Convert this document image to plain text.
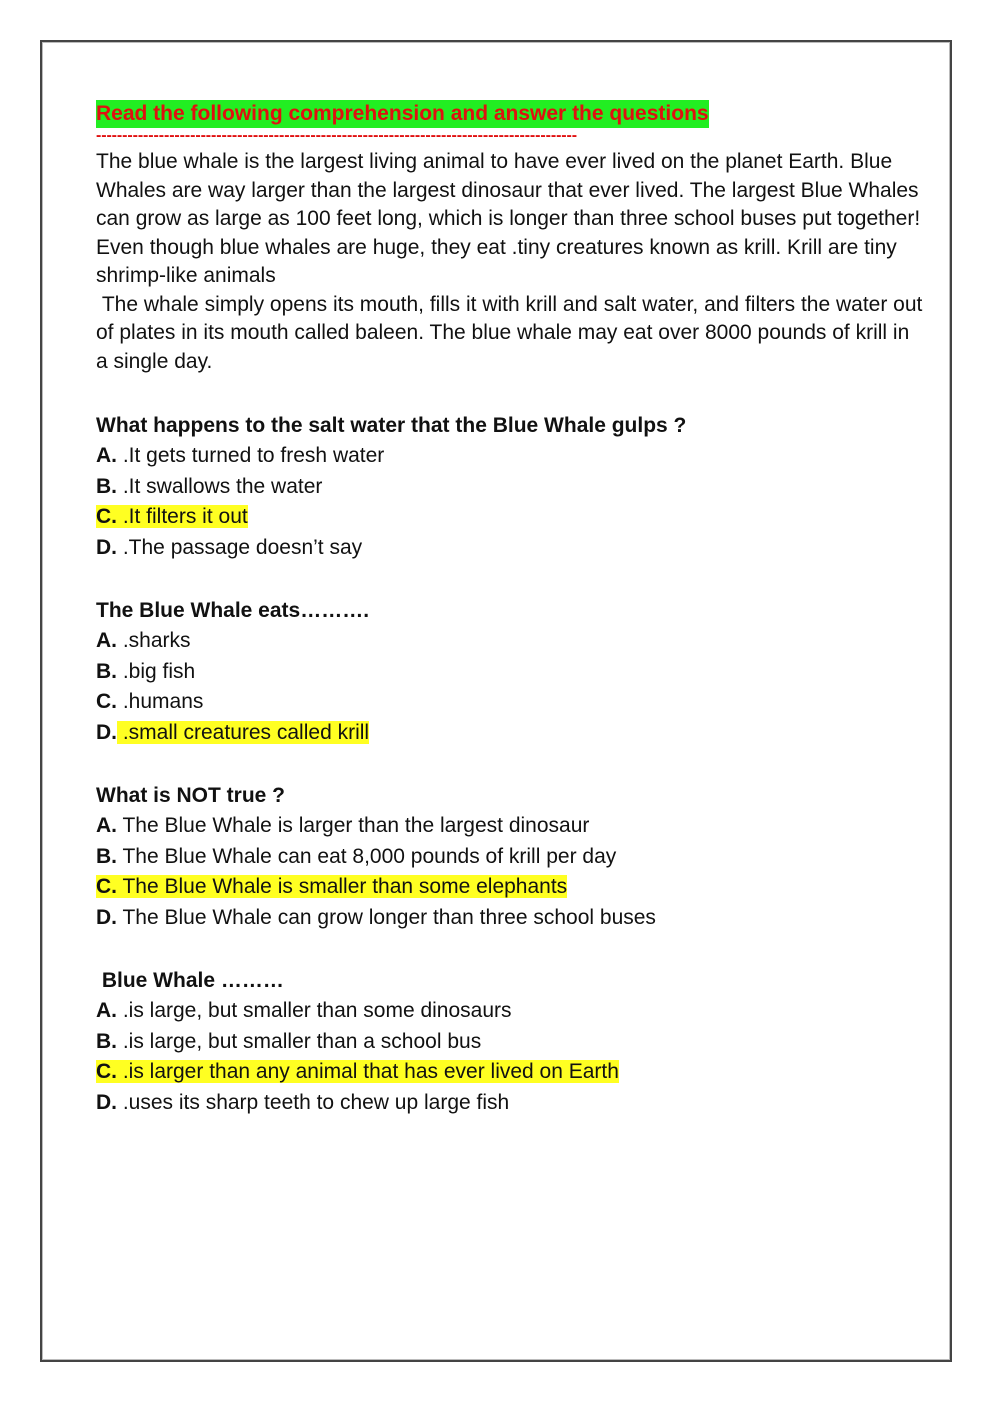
Read the following comprehension and answer the questions
--------------------------------------------------------------------------------------------

The blue whale is the largest living animal to have ever lived on the planet Earth. Blue Whales are way larger than the largest dinosaur that ever lived. The largest Blue Whales can grow as large as 100 feet long, which is longer than three school buses put together! Even though blue whales are huge, they eat .tiny creatures known as krill. Krill are tiny shrimp-like animals

The whale simply opens its mouth, fills it with krill and salt water, and filters the water out of plates in its mouth called baleen. The blue whale may eat over 8000 pounds of krill in a single day.

What happens to the salt water that the Blue Whale gulps ?
A. .It gets turned to fresh water
B. .It swallows the water
C. .It filters it out
D. .The passage doesn’t say
The Blue Whale eats……….
A. .sharks
B. .big fish
C. .humans
D. .small creatures called krill
What is NOT true ?
A. The Blue Whale is larger than the largest dinosaur
B. The Blue Whale can eat 8,000 pounds of krill per day
C. The Blue Whale is smaller than some elephants
D. The Blue Whale can grow longer than three school buses
Blue Whale ………
A. .is large, but smaller than some dinosaurs
B. .is large, but smaller than a school bus
C. .is larger than any animal that has ever lived on Earth
D. .uses its sharp teeth to chew up large fish
